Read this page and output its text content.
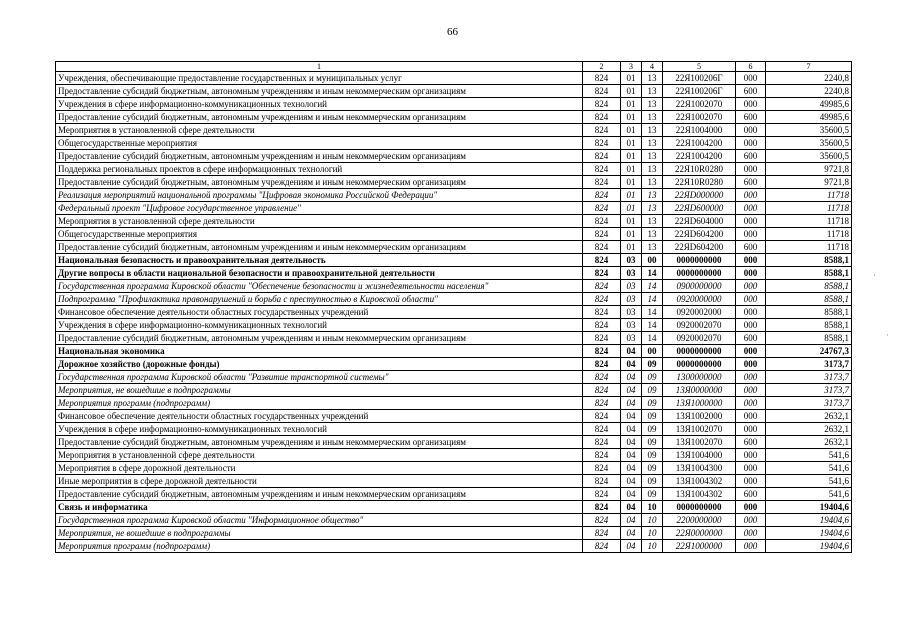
66
1	2	3	4	5	6	7
Учреждения, обеспечивающие предоставление государственных и муниципальных услуг	824	01	13	22Я100206Г	000	2240,8
Предоставление субсидий бюджетным, автономным учреждениям и иным некоммерческим организациям	824	01	13	22Я100206Г	600	2240,8
Учреждения в сфере информационно-коммуникационных технологий	824	01	13	22Я1002070	000	49985,6
Предоставление субсидий бюджетным, автономным учреждениям и иным некоммерческим организациям	824	01	13	22Я1002070	600	49985,6
Мероприятия в установленной сфере деятельности	824	01	13	22Я1004000	000	35600,5
Общегосударственные мероприятия	824	01	13	22Я1004200	000	35600,5
Предоставление субсидий бюджетным, автономным учреждениям и иным некоммерческим организациям	824	01	13	22Я1004200	600	35600,5
Поддержка региональных проектов в сфере информационных технологий	824	01	13	22Я10R0280	000	9721,8
Предоставление субсидий бюджетным, автономным учреждениям и иным некоммерческим организациям	824	01	13	22Я10R0280	600	9721,8
Реализация мероприятий национальной программы "Цифровая экономика Российской Федерации"	824	01	13	22ЯD000000	000	11718
Федеральный проект "Цифровое государственное управление"	824	01	13	22ЯD600000	000	11718
Мероприятия в установленной сфере деятельности	824	01	13	22ЯD604000	000	11718
Общегосударственные мероприятия	824	01	13	22ЯD604200	000	11718
Предоставление субсидий бюджетным, автономным учреждениям и иным некоммерческим организациям	824	01	13	22ЯD604200	600	11718
Национальная безопасность и правоохранительная деятельность	824	03	00	0000000000	000	8588,1
Другие вопросы в области национальной безопасности и правоохранительной деятельности	824	03	14	0000000000	000	8588,1
Государственная программа Кировской области "Обеспечение безопасности и жизнедеятельности населения"	824	03	14	0900000000	000	8588,1
Подпрограмма "Профилактика правонарушений и борьба с преступностью в Кировской области"	824	03	14	0920000000	000	8588,1
Финансовое обеспечение деятельности областных государственных учреждений	824	03	14	0920002000	000	8588,1
Учреждения в сфере информационно-коммуникационных технологий	824	03	14	0920002070	000	8588,1
Предоставление субсидий бюджетным, автономным учреждениям и иным некоммерческим организациям	824	03	14	0920002070	600	8588,1
Национальная экономика	824	04	00	0000000000	000	24767,3
Дорожное хозяйство (дорожные фонды)	824	04	09	0000000000	000	3173,7
Государственная программа Кировской области "Развитие транспортной системы"	824	04	09	1300000000	000	3173,7
Мероприятия, не вошедшие в подпрограммы	824	04	09	13Я0000000	000	3173,7
Мероприятия программ (подпрограмм)	824	04	09	13Я1000000	000	3173,7
Финансовое обеспечение деятельности областных государственных учреждений	824	04	09	13Я1002000	000	2632,1
Учреждения в сфере информационно-коммуникационных технологий	824	04	09	13Я1002070	000	2632,1
Предоставление субсидий бюджетным, автономным учреждениям и иным некоммерческим организациям	824	04	09	13Я1002070	600	2632,1
Мероприятия в установленной сфере деятельности	824	04	09	13Я1004000	000	541,6
Мероприятия в сфере дорожной деятельности	824	04	09	13Я1004300	000	541,6
Иные мероприятия в сфере дорожной деятельности	824	04	09	13Я1004302	000	541,6
Предоставление субсидий бюджетным, автономным учреждениям и иным некоммерческим организациям	824	04	09	13Я1004302	600	541,6
Связь и информатика	824	04	10	0000000000	000	19404,6
Государственная программа Кировской области "Информационное общество"	824	04	10	2200000000	000	19404,6
Мероприятия, не вошедшие в подпрограммы	824	04	10	22Я0000000	000	19404,6
Мероприятия программ (подпрограмм)	824	04	10	22Я1000000	000	19404,6
·
·
